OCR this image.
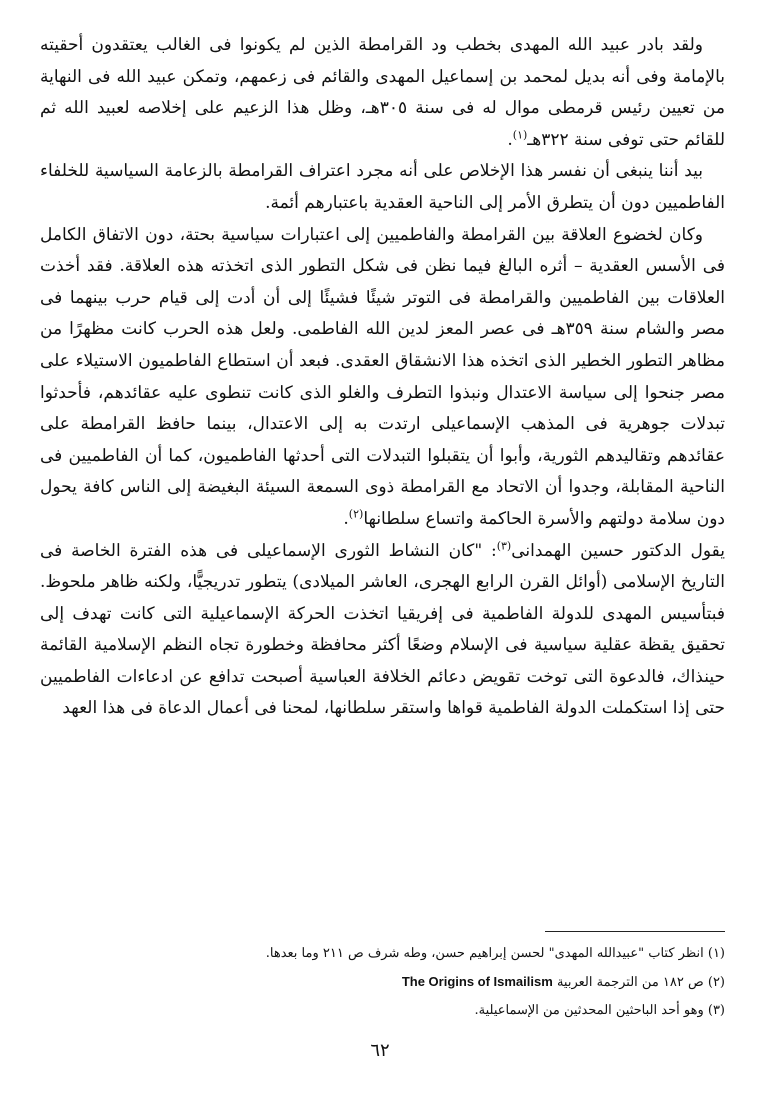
ولقد بادر عبيد الله المهدى بخطب ود القرامطة الذين لم يكونوا فى الغالب يعتقدون أحقيته بالإمامة وفى أنه بديل لمحمد بن إسماعيل المهدى والقائم فى زعمهم، وتمكن عبيد الله فى النهاية من تعيين رئيس قرمطى موال له فى سنة ٣٠٥هـ، وظل هذا الزعيم على إخلاصه لعبيد الله ثم للقائم حتى توفى سنة ٣٢٢هـ$^{(١)}$.

بيد أننا ينبغى أن نفسر هذا الإخلاص على أنه مجرد اعتراف القرامطة بالزعامة السياسية للخلفاء الفاطميين دون أن يتطرق الأمر إلى الناحية العقدية باعتبارهم أئمة.

وكان لخضوع العلاقة بين القرامطة والفاطميين إلى اعتبارات سياسية بحتة، دون الاتفاق الكامل فى الأسس العقدية – أثره البالغ فيما نظن فى شكل التطور الذى اتخذته هذه العلاقة. فقد أخذت العلاقات بين الفاطميين والقرامطة فى التوتر شيئًا فشيئًا إلى أن أدت إلى قيام حرب بينهما فى مصر والشام سنة ٣٥٩هـ فى عصر المعز لدين الله الفاطمى. ولعل هذه الحرب كانت مظهرًا من مظاهر التطور الخطير الذى اتخذه هذا الانشقاق العقدى. فبعد أن استطاع الفاطميون الاستيلاء على مصر جنحوا إلى سياسة الاعتدال ونبذوا التطرف والغلو الذى كانت تنطوى عليه عقائدهم، فأحدثوا تبدلات جوهرية فى المذهب الإسماعيلى ارتدت به إلى الاعتدال، بينما حافظ القرامطة على عقائدهم وتقاليدهم الثورية، وأبوا أن يتقبلوا التبدلات التى أحدثها الفاطميون، كما أن الفاطميين فى الناحية المقابلة، وجدوا أن الاتحاد مع القرامطة ذوى السمعة السيئة البغيضة إلى الناس كافة يحول دون سلامة دولتهم والأسرة الحاكمة واتساع سلطانها$^{(٢)}$.

يقول الدكتور حسين الهمدانى$^{(٣)}$: "كان النشاط الثورى الإسماعيلى فى هذه الفترة الخاصة فى التاريخ الإسلامى (أوائل القرن الرابع الهجرى، العاشر الميلادى) يتطور تدريجيًّا، ولكنه ظاهر ملحوظ. فبتأسيس المهدى للدولة الفاطمية فى إفريقيا اتخذت الحركة الإسماعيلية التى كانت تهدف إلى تحقيق يقظة عقلية سياسية فى الإسلام وضعًا أكثر محافظة وخطورة تجاه النظم الإسلامية القائمة حينذاك، فالدعوة التى توخت تقويض دعائم الخلافة العباسية أصبحت تدافع عن ادعاءات الفاطميين حتى إذا استكملت الدولة الفاطمية قواها واستقر سلطانها، لمحنا فى أعمال الدعاة فى هذا العهد

(١) انظر كتاب "عبيدالله المهدى" لحسن إبراهيم حسن، وطه شرف ص ٢١١ وما بعدها.

(٢) ص ١٨٢ من الترجمة العربية The Origins of Ismailism

(٣) وهو أحد الباحثين المحدثين من الإسماعيلية.

٦٢
